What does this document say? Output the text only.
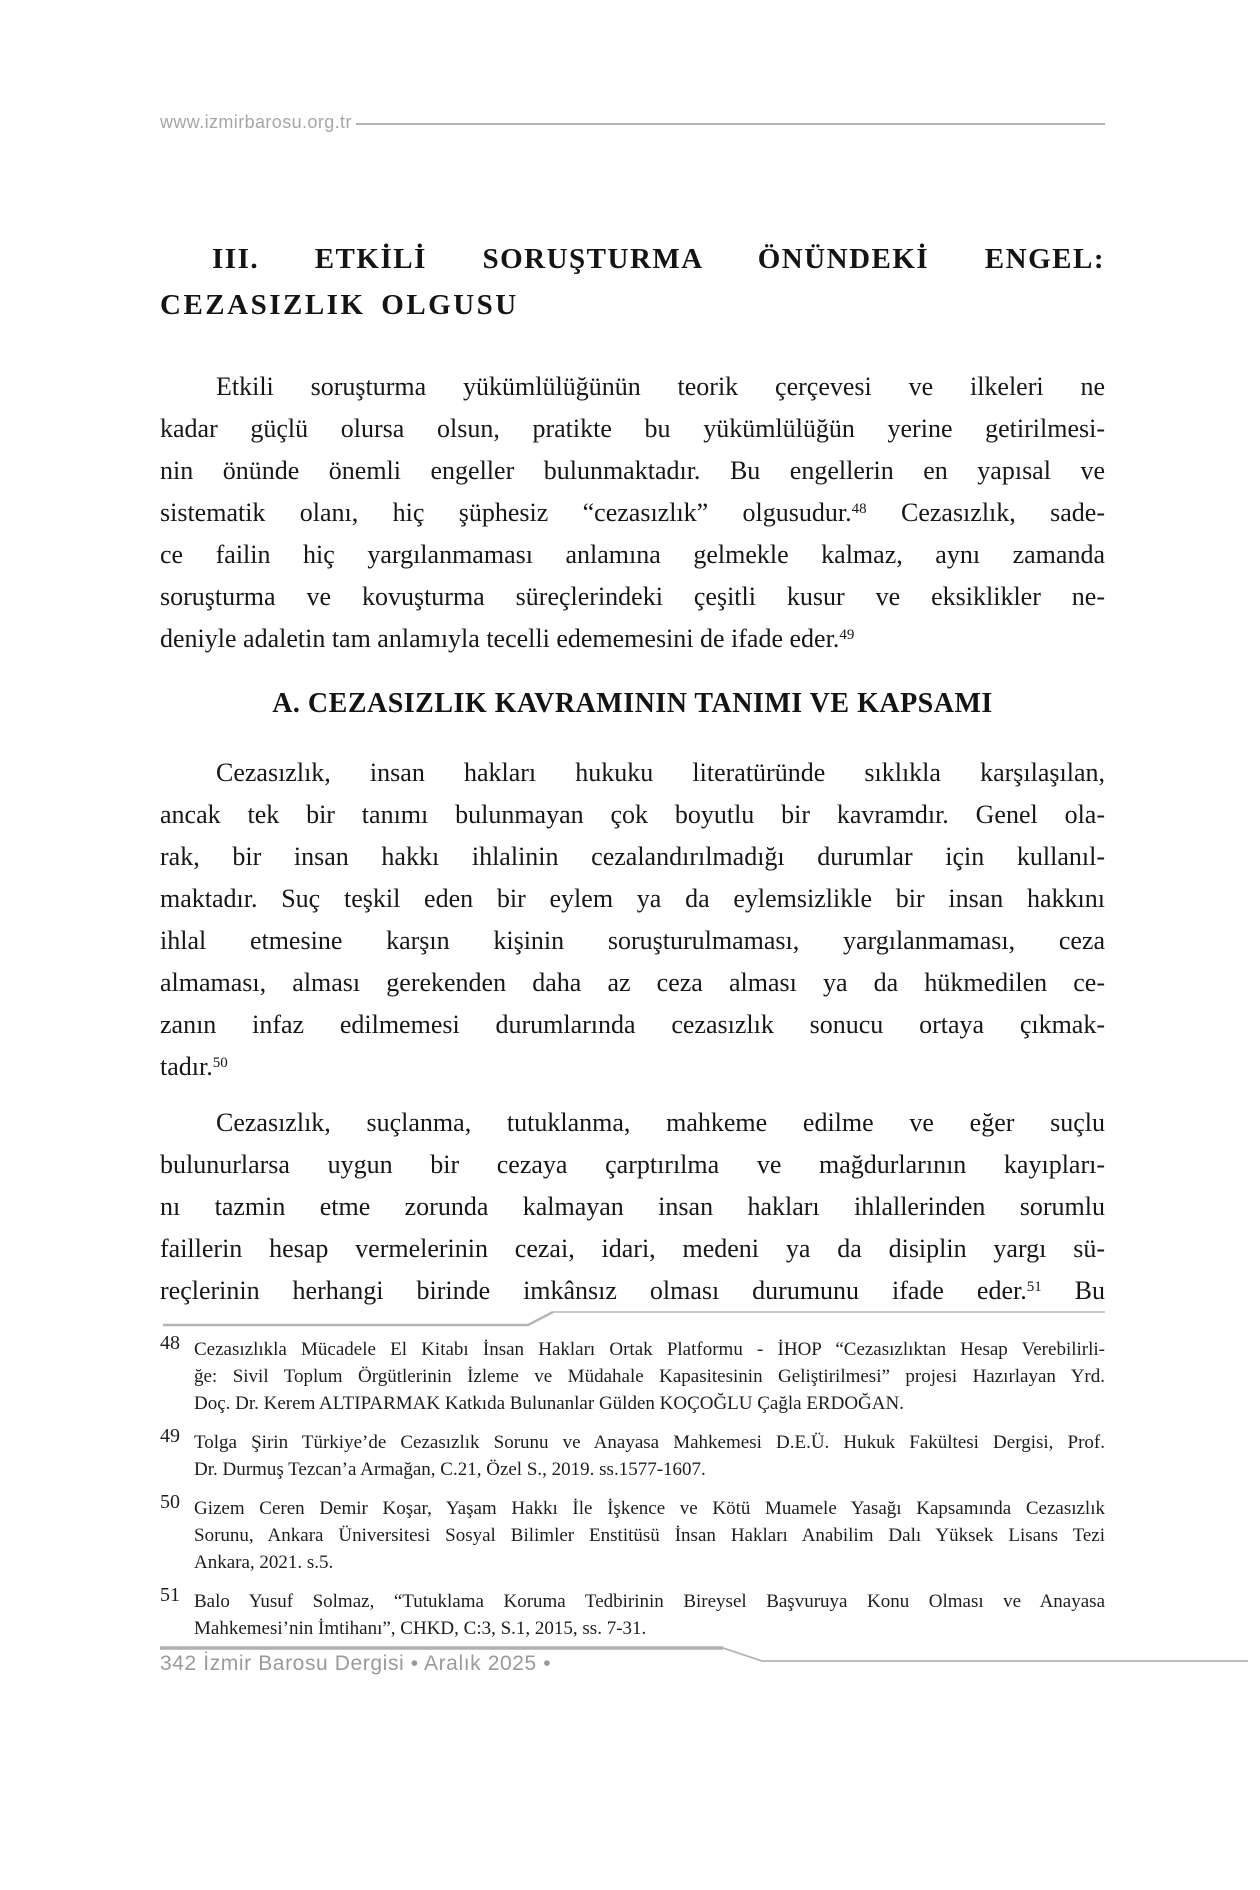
www.izmirbarosu.org.tr
III. ETKİLİ SORUŞTURMA ÖNÜNDEKİ ENGEL:
CEZASIZLIK OLGUSU
Etkili soruşturma yükümlülüğünün teorik çerçevesi ve ilkeleri ne
kadar güçlü olursa olsun, pratikte bu yükümlülüğün yerine getirilmesi-
nin önünde önemli engeller bulunmaktadır. Bu engellerin en yapısal ve
sistematik olanı, hiç şüphesiz “cezasızlık” olgusudur.$^{48}$ Cezasızlık, sade-
ce failin hiç yargılanmaması anlamına gelmekle kalmaz, aynı zamanda
soruşturma ve kovuşturma süreçlerindeki çeşitli kusur ve eksiklikler ne-
deniyle adaletin tam anlamıyla tecelli edememesini de ifade eder.$^{49}$
A. CEZASIZLIK KAVRAMININ TANIMI VE KAPSAMI
Cezasızlık, insan hakları hukuku literatüründe sıklıkla karşılaşılan,
ancak tek bir tanımı bulunmayan çok boyutlu bir kavramdır. Genel ola-
rak, bir insan hakkı ihlalinin cezalandırılmadığı durumlar için kullanıl-
maktadır. Suç teşkil eden bir eylem ya da eylemsizlikle bir insan hakkını
ihlal etmesine karşın kişinin soruşturulmaması, yargılanmaması, ceza
almaması, alması gerekenden daha az ceza alması ya da hükmedilen ce-
zanın infaz edilmemesi durumlarında cezasızlık sonucu ortaya çıkmak-
tadır.$^{50}$
Cezasızlık, suçlanma, tutuklanma, mahkeme edilme ve eğer suçlu
bulunurlarsa uygun bir cezaya çarptırılma ve mağdurlarının kayıpları-
nı tazmin etme zorunda kalmayan insan hakları ihlallerinden sorumlu
faillerin hesap vermelerinin cezai, idari, medeni ya da disiplin yargı sü-
reçlerinin herhangi birinde imkânsız olması durumunu ifade eder.$^{51}$ Bu
48 Cezasızlıkla Mücadele El Kitabı İnsan Hakları Ortak Platformu - İHOP “Cezasızlıktan Hesap Verebilirli-
ğe: Sivil Toplum Örgütlerinin İzleme ve Müdahale Kapasitesinin Geliştirilmesi” projesi Hazırlayan Yrd.
Doç. Dr. Kerem ALTIPARMAK Katkıda Bulunanlar Gülden KOÇOĞLU Çağla ERDOĞAN.
49 Tolga Şirin Türkiye’de Cezasızlık Sorunu ve Anayasa Mahkemesi D.E.Ü. Hukuk Fakültesi Dergisi, Prof.
Dr. Durmuş Tezcan’a Armağan, C.21, Özel S., 2019. ss.1577-1607.
50 Gizem Ceren Demir Koşar, Yaşam Hakkı İle İşkence ve Kötü Muamele Yasağı Kapsamında Cezasızlık
Sorunu, Ankara Üniversitesi Sosyal Bilimler Enstitüsü İnsan Hakları Anabilim Dalı Yüksek Lisans Tezi
Ankara, 2021. s.5.
51 Balo Yusuf Solmaz, “Tutuklama Koruma Tedbirinin Bireysel Başvuruya Konu Olması ve Anayasa
Mahkemesi’nin İmtihanı”, CHKD, C:3, S.1, 2015, ss. 7-31.
342 İzmir Barosu Dergisi • Aralık 2025 •
